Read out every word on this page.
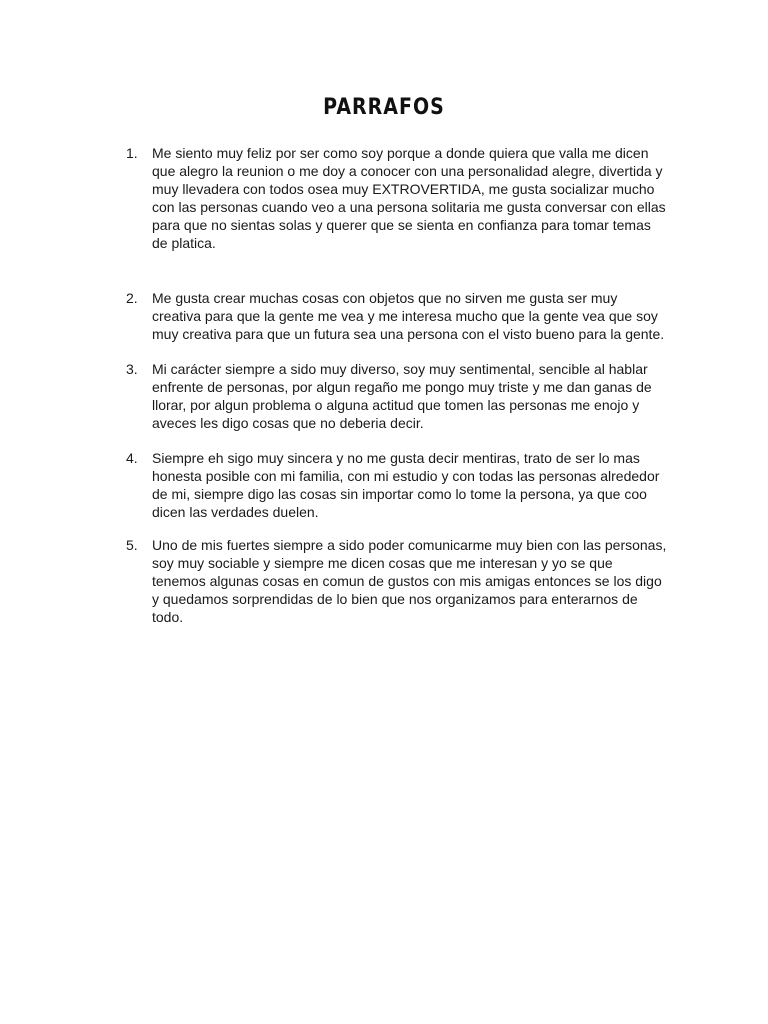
PARRAFOS
1. Me siento muy feliz por ser como soy porque a donde quiera que valla me dicen que alegro la reunion o me doy a conocer con una personalidad alegre, divertida y muy llevadera con todos osea muy EXTROVERTIDA, me gusta socializar mucho con las personas cuando veo a una persona solitaria me gusta conversar con ellas para que no sientas solas y querer que se sienta en confianza para tomar temas de platica.
2. Me gusta crear muchas cosas con objetos que no sirven me gusta ser muy creativa para que la gente me vea y me interesa mucho que la gente vea que soy muy creativa para que un futura sea una persona con el visto bueno para la gente.
3. Mi carácter siempre a sido muy diverso, soy muy sentimental, sencible al hablar enfrente de personas, por algun regaño me pongo muy triste y me dan ganas de llorar, por algun problema o alguna actitud que tomen las personas me enojo y aveces les digo cosas que no deberia decir.
4. Siempre eh sigo muy sincera y no me gusta decir mentiras, trato de ser lo mas honesta posible con mi familia, con mi estudio y con todas las personas alrededor de mi, siempre digo las cosas sin importar como lo tome la persona, ya que coo dicen las verdades duelen.
5. Uno de mis fuertes siempre a sido poder comunicarme muy bien con las personas, soy muy sociable y siempre me dicen cosas que me interesan y yo se que tenemos algunas cosas en comun de gustos con mis amigas entonces se los digo y quedamos sorprendidas de lo bien que nos organizamos para enterarnos de todo.
